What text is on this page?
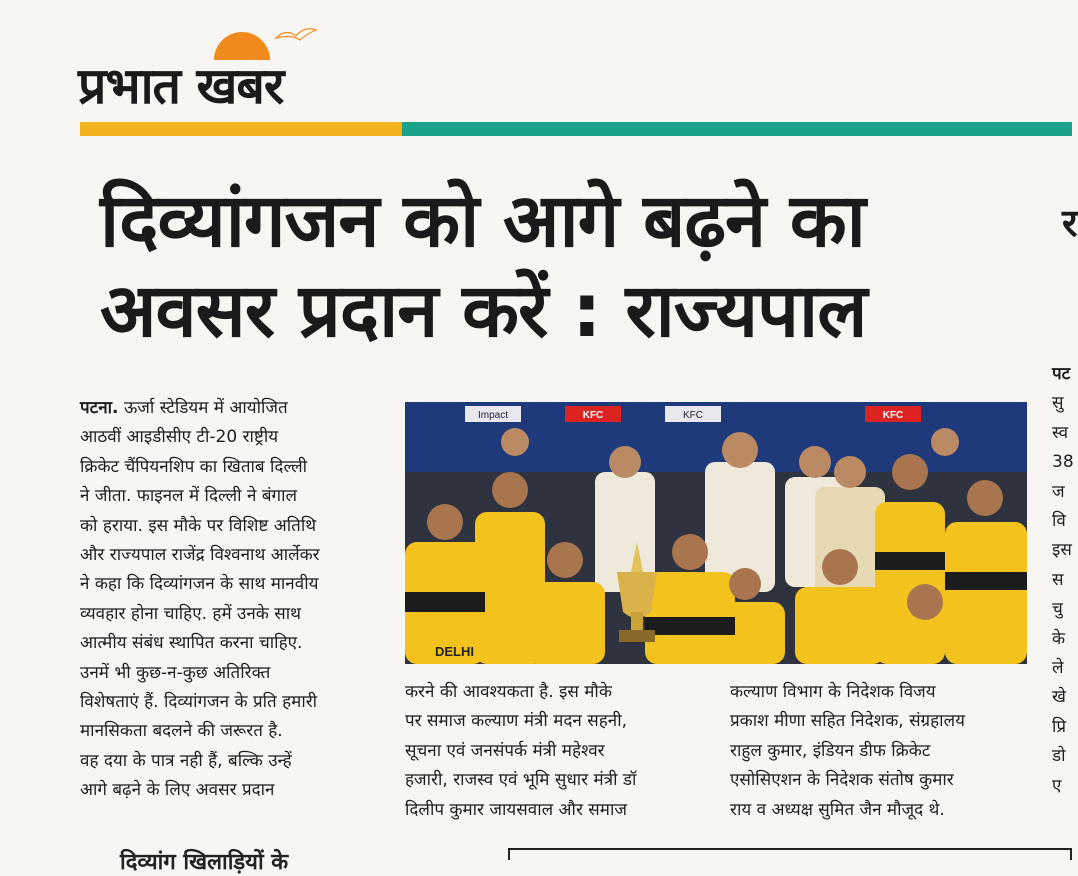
प्रभात खबर
दिव्यांगजन को आगे बढ़ने का
अवसर प्रदान करें : राज्यपाल
पटना. ऊर्जा स्टेडियम में आयोजित
आठवीं आइडीसीए टी-20 राष्ट्रीय
क्रिकेट चैंपियनशिप का खिताब दिल्ली
ने जीता. फाइनल में दिल्ली ने बंगाल
को हराया. इस मौके पर विशिष्ट अतिथि
और राज्यपाल राजेंद्र विश्वनाथ आर्लेकर
ने कहा कि दिव्यांगजन के साथ मानवीय
व्यवहार होना चाहिए. हमें उनके साथ
आत्मीय संबंध स्थापित करना चाहिए.
उनमें भी कुछ-न-कुछ अतिरिक्त
विशेषताएं हैं. दिव्यांगजन के प्रति हमारी
मानसिकता बदलने की जरूरत है.
वह दया के पात्र नही हैं, बल्कि उन्हें
आगे बढ़ने के लिए अवसर प्रदान
Impact	KFC	KFC	KFC
DELHI
करने की आवश्यकता है. इस मौके
पर समाज कल्याण मंत्री मदन सहनी,
सूचना एवं जनसंपर्क मंत्री महेश्वर
हजारी, राजस्व एवं भूमि सुधार मंत्री डॉ
दिलीप कुमार जायसवाल और समाज
कल्याण विभाग के निदेशक विजय
प्रकाश मीणा सहित निदेशक, संग्रहालय
राहुल कुमार, इंडियन डीफ क्रिकेट
एसोसिएशन के निदेशक संतोष कुमार
राय व अध्यक्ष सुमित जैन मौजूद थे.
र
पट
सु
स्व
38
ज
वि
इस
स
चु
के
ले
खे
प्रि
डो
ए
दिव्यांग खिलाड़ियों के
